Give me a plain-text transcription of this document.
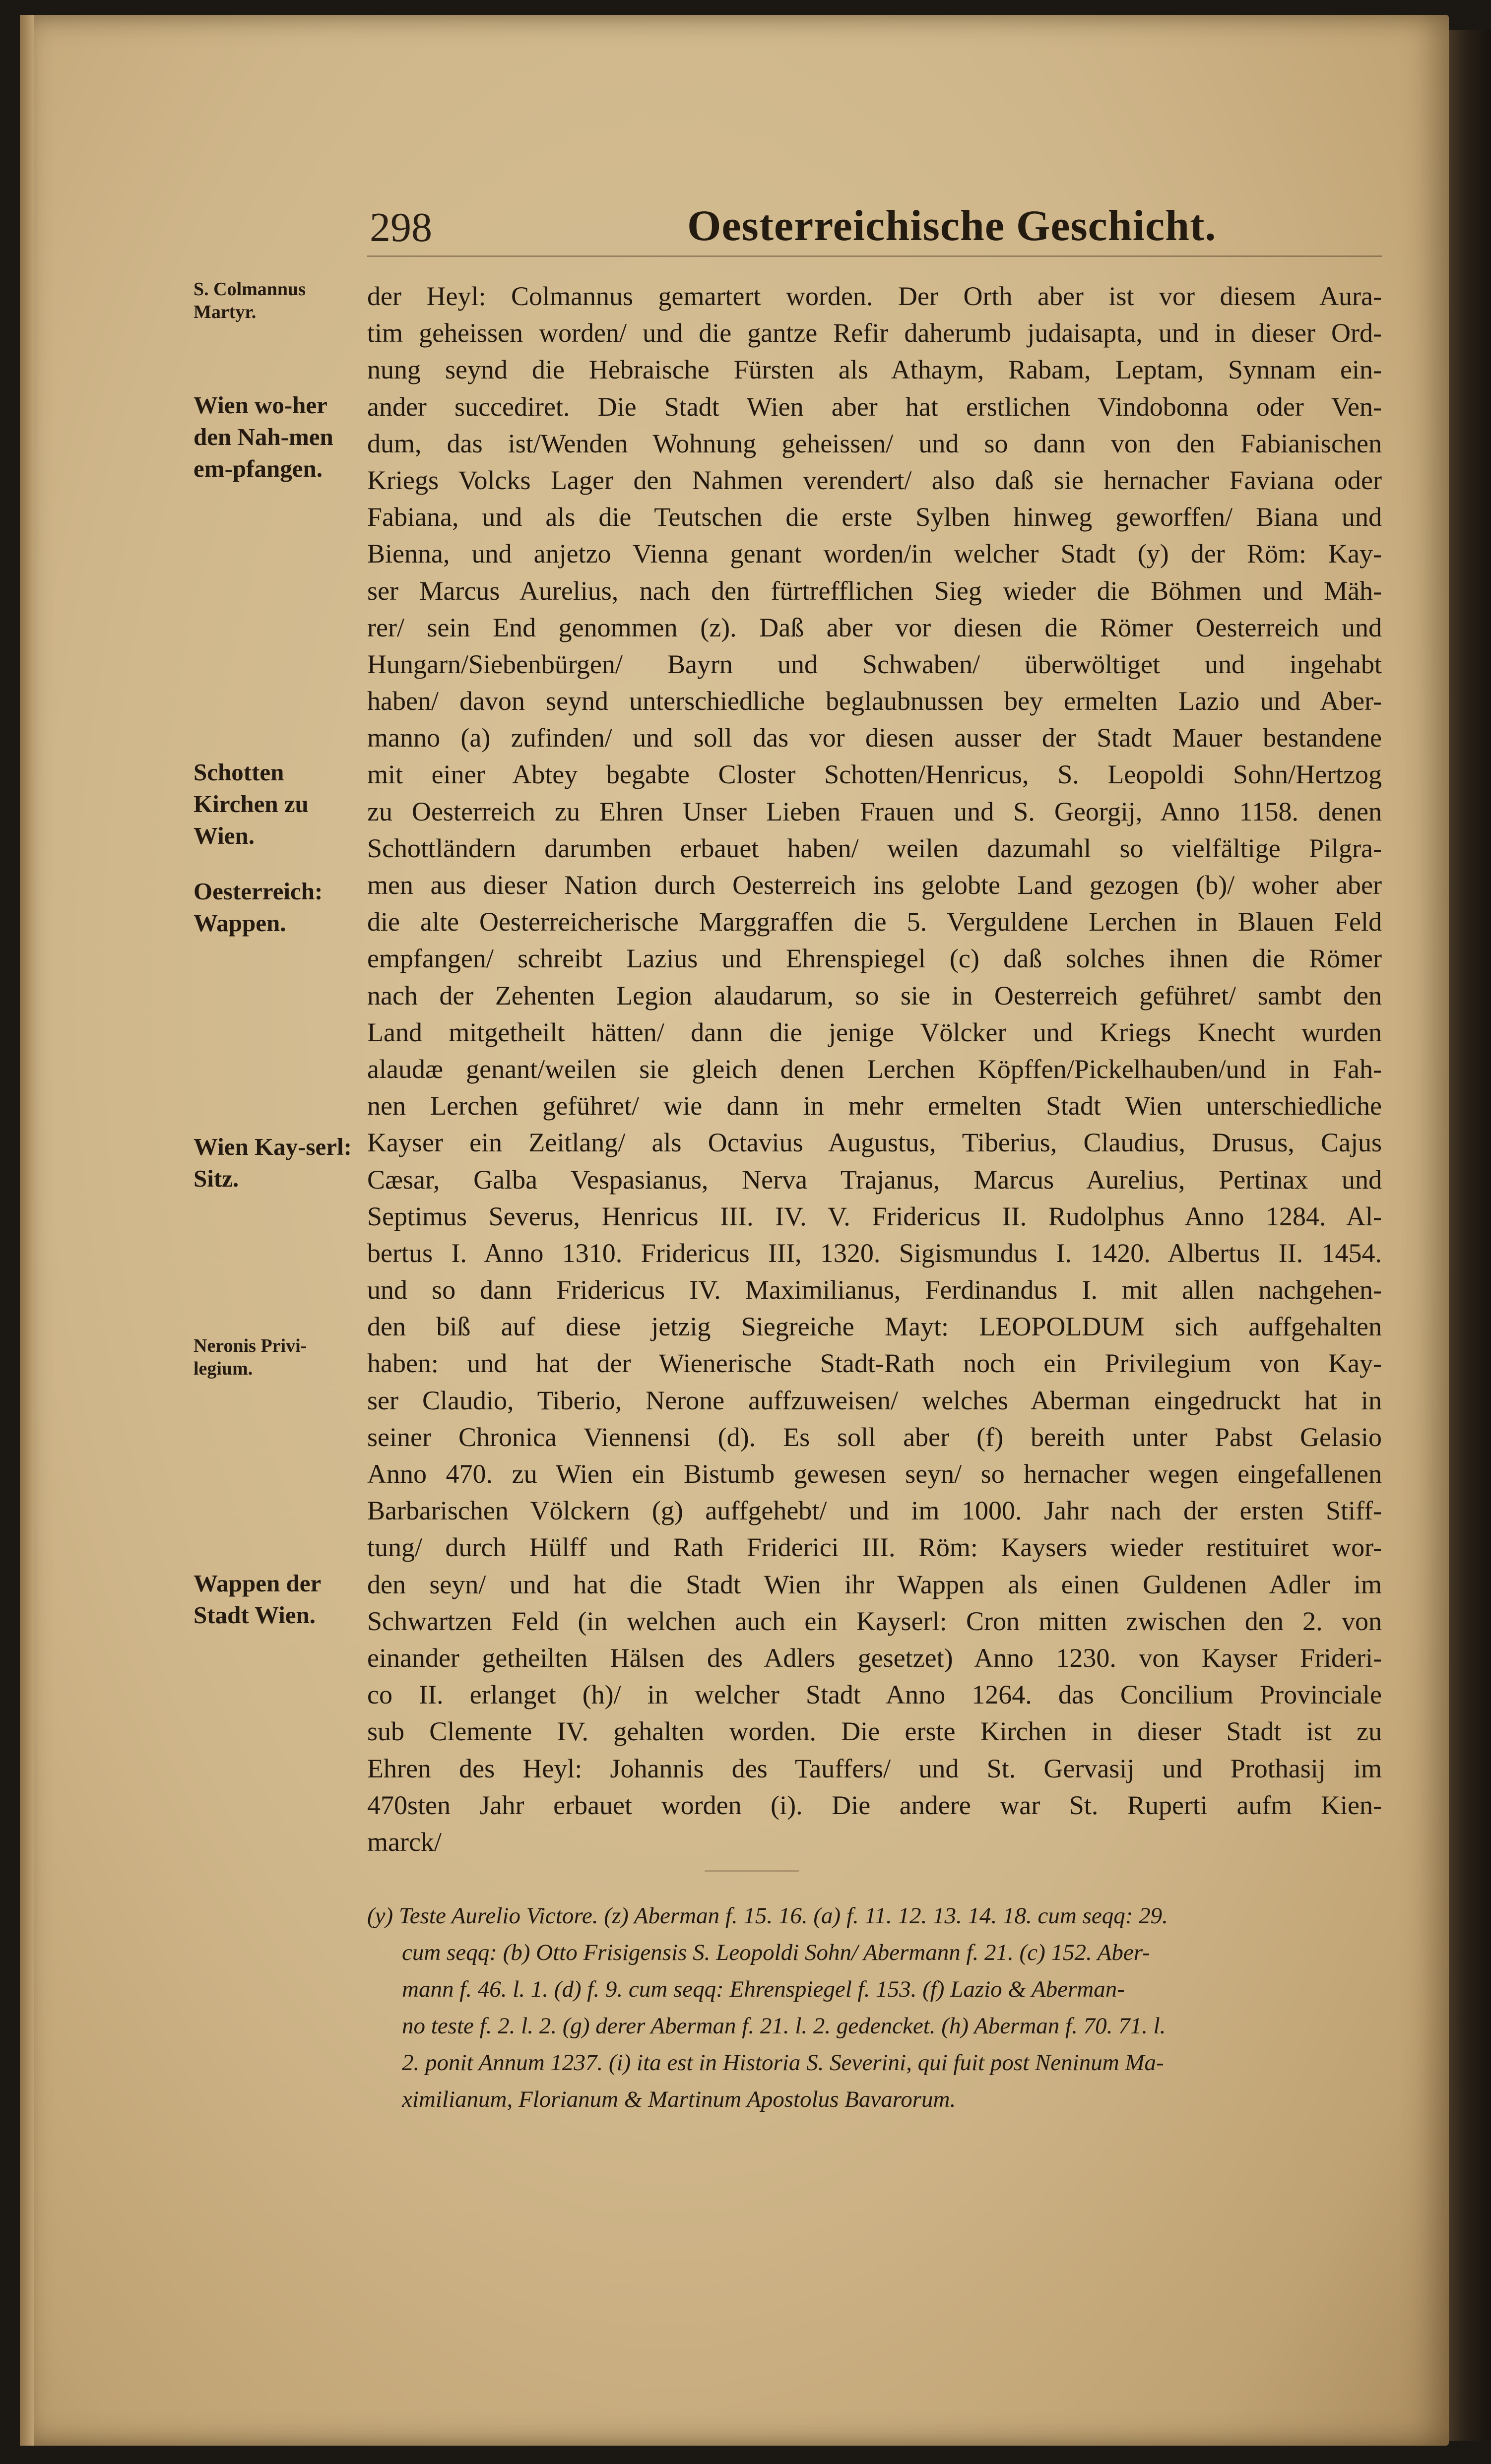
298	Oesterreichische Geschicht.
S. Colmannus Martyr.
Wien wo-her den Nah-men em-pfangen.
Schotten Kirchen zu Wien.
Oesterreich: Wappen.
Wien Kay-serl: Sitz.
Neronis Privi-legium.
Wappen der Stadt Wien.
der Heyl: Colmannus gemartert worden. Der Orth aber ist vor diesem Aura-
tim geheissen worden/ und die gantze Refir daherumb judaisapta, und in dieser Ord-
nung seynd die Hebraische Fürsten als Athaym, Rabam, Leptam, Synnam ein-
ander succediret. Die Stadt Wien aber hat erstlichen Vindobonna oder Ven-
dum, das ist/Wenden Wohnung geheissen/ und so dann von den Fabianischen
Kriegs Volcks Lager den Nahmen verendert/ also daß sie hernacher Faviana oder
Fabiana, und als die Teutschen die erste Sylben hinweg geworffen/ Biana und
Bienna, und anjetzo Vienna genant worden/in welcher Stadt (y) der Röm: Kay-
ser Marcus Aurelius, nach den fürtrefflichen Sieg wieder die Böhmen und Mäh-
rer/ sein End genommen (z). Daß aber vor diesen die Römer Oesterreich und
Hungarn/Siebenbürgen/ Bayrn und Schwaben/ überwöltiget und ingehabt
haben/ davon seynd unterschiedliche beglaubnussen bey ermelten Lazio und Aber-
manno (a) zufinden/ und soll das vor diesen ausser der Stadt Mauer bestandene
mit einer Abtey begabte Closter Schotten/Henricus, S. Leopoldi Sohn/Hertzog
zu Oesterreich zu Ehren Unser Lieben Frauen und S. Georgij, Anno 1158. denen
Schottländern darumben erbauet haben/ weilen dazumahl so vielfältige Pilgra-
men aus dieser Nation durch Oesterreich ins gelobte Land gezogen (b)/ woher aber
die alte Oesterreicherische Marggraffen die 5. Verguldene Lerchen in Blauen Feld
empfangen/ schreibt Lazius und Ehrenspiegel (c) daß solches ihnen die Römer
nach der Zehenten Legion alaudarum, so sie in Oesterreich geführet/ sambt den
Land mitgetheilt hätten/ dann die jenige Völcker und Kriegs Knecht wurden
alaudæ genant/weilen sie gleich denen Lerchen Köpffen/Pickelhauben/und in Fah-
nen Lerchen geführet/ wie dann in mehr ermelten Stadt Wien unterschiedliche
Kayser ein Zeitlang/ als Octavius Augustus, Tiberius, Claudius, Drusus, Cajus
Cæsar, Galba Vespasianus, Nerva Trajanus, Marcus Aurelius, Pertinax und
Septimus Severus, Henricus III. IV. V. Fridericus II. Rudolphus Anno 1284. Al-
bertus I. Anno 1310. Fridericus III, 1320. Sigismundus I. 1420. Albertus II. 1454.
und so dann Fridericus IV. Maximilianus, Ferdinandus I. mit allen nachgehen-
den biß auf diese jetzig Siegreiche Mayt: LEOPOLDUM sich auffgehalten
haben: und hat der Wienerische Stadt-Rath noch ein Privilegium von Kay-
ser Claudio, Tiberio, Nerone auffzuweisen/ welches Aberman eingedruckt hat in
seiner Chronica Viennensi (d). Es soll aber (f) bereith unter Pabst Gelasio
Anno 470. zu Wien ein Bistumb gewesen seyn/ so hernacher wegen eingefallenen
Barbarischen Völckern (g) auffgehebt/ und im 1000. Jahr nach der ersten Stiff-
tung/ durch Hülff und Rath Friderici III. Röm: Kaysers wieder restituiret wor-
den seyn/ und hat die Stadt Wien ihr Wappen als einen Guldenen Adler im
Schwartzen Feld (in welchen auch ein Kayserl: Cron mitten zwischen den 2. von
einander getheilten Hälsen des Adlers gesetzet) Anno 1230. von Kayser Frideri-
co II. erlanget (h)/ in welcher Stadt Anno 1264. das Concilium Provinciale
sub Clemente IV. gehalten worden. Die erste Kirchen in dieser Stadt ist zu
Ehren des Heyl: Johannis des Tauffers/ und St. Gervasij und Prothasij im
470sten Jahr erbauet worden (i). Die andere war St. Ruperti aufm Kien-
marck/
(y) Teste Aurelio Victore. (z) Aberman f. 15. 16. (a) f. 11. 12. 13. 14. 18. cum seqq: 29.
cum seqq: (b) Otto Frisigensis S. Leopoldi Sohn/ Abermann f. 21. (c) 152. Aber-
mann f. 46. l. 1. (d) f. 9. cum seqq: Ehrenspiegel f. 153. (f) Lazio & Aberman-
no teste f. 2. l. 2. (g) derer Aberman f. 21. l. 2. gedencket. (h) Aberman f. 70. 71. l.
2. ponit Annum 1237. (i) ita est in Historia S. Severini, qui fuit post Neninum Ma-
ximilianum, Florianum & Martinum Apostolus Bavarorum.
